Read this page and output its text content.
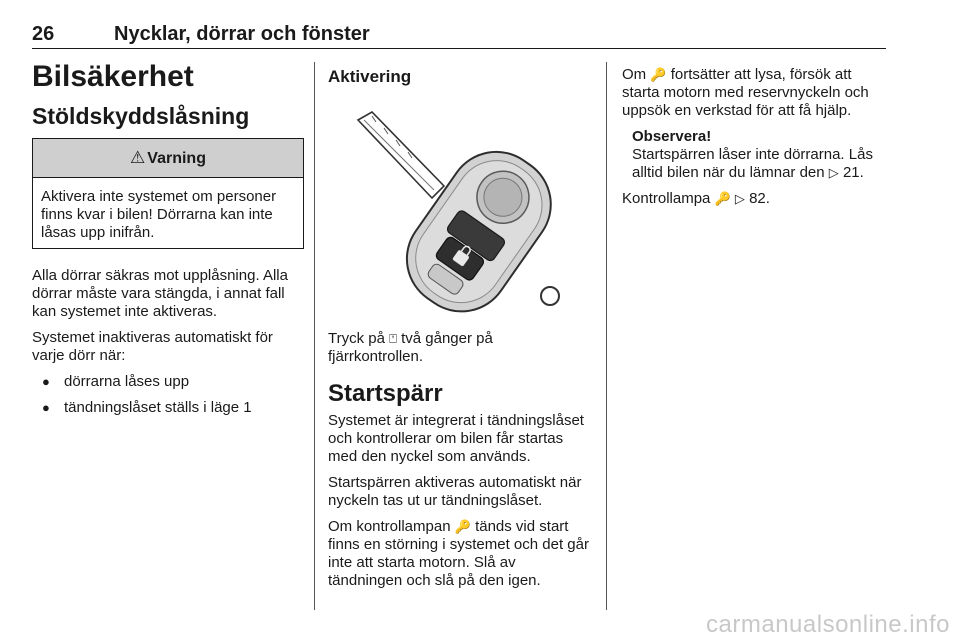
26	Nycklar, dörrar och fönster
Bilsäkerhet
Stöldskyddslåsning
⚠ Varning

Aktivera inte systemet om personer finns kvar i bilen! Dörrarna kan inte låsas upp inifrån.

Alla dörrar säkras mot upplåsning. Alla dörrar måste vara stängda, i annat fall kan systemet inte aktiveras.

Systemet inaktiveras automatiskt för varje dörr när:

● dörrarna låses upp
● tändningslåset ställs i läge 1
Aktivering

Tryck på ⍞ två gånger på fjärrkontrollen.

Startspärr

Systemet är integrerat i tändningslåset och kontrollerar om bilen får startas med den nyckel som används.

Startspärren aktiveras automatiskt när nyckeln tas ut ur tändningslåset.

Om kontrollampan 🔑 tänds vid start finns en störning i systemet och det går inte att starta motorn. Slå av tändningen och slå på den igen.

Om 🔑 fortsätter att lysa, försök att starta motorn med reservnyckeln och uppsök en verkstad för att få hjälp.

Observera!

Startspärren låser inte dörrarna. Lås alltid bilen när du lämnar den ▷ 21.

Kontrollampa 🔑 ▷ 82.

carmanualsonline.info
